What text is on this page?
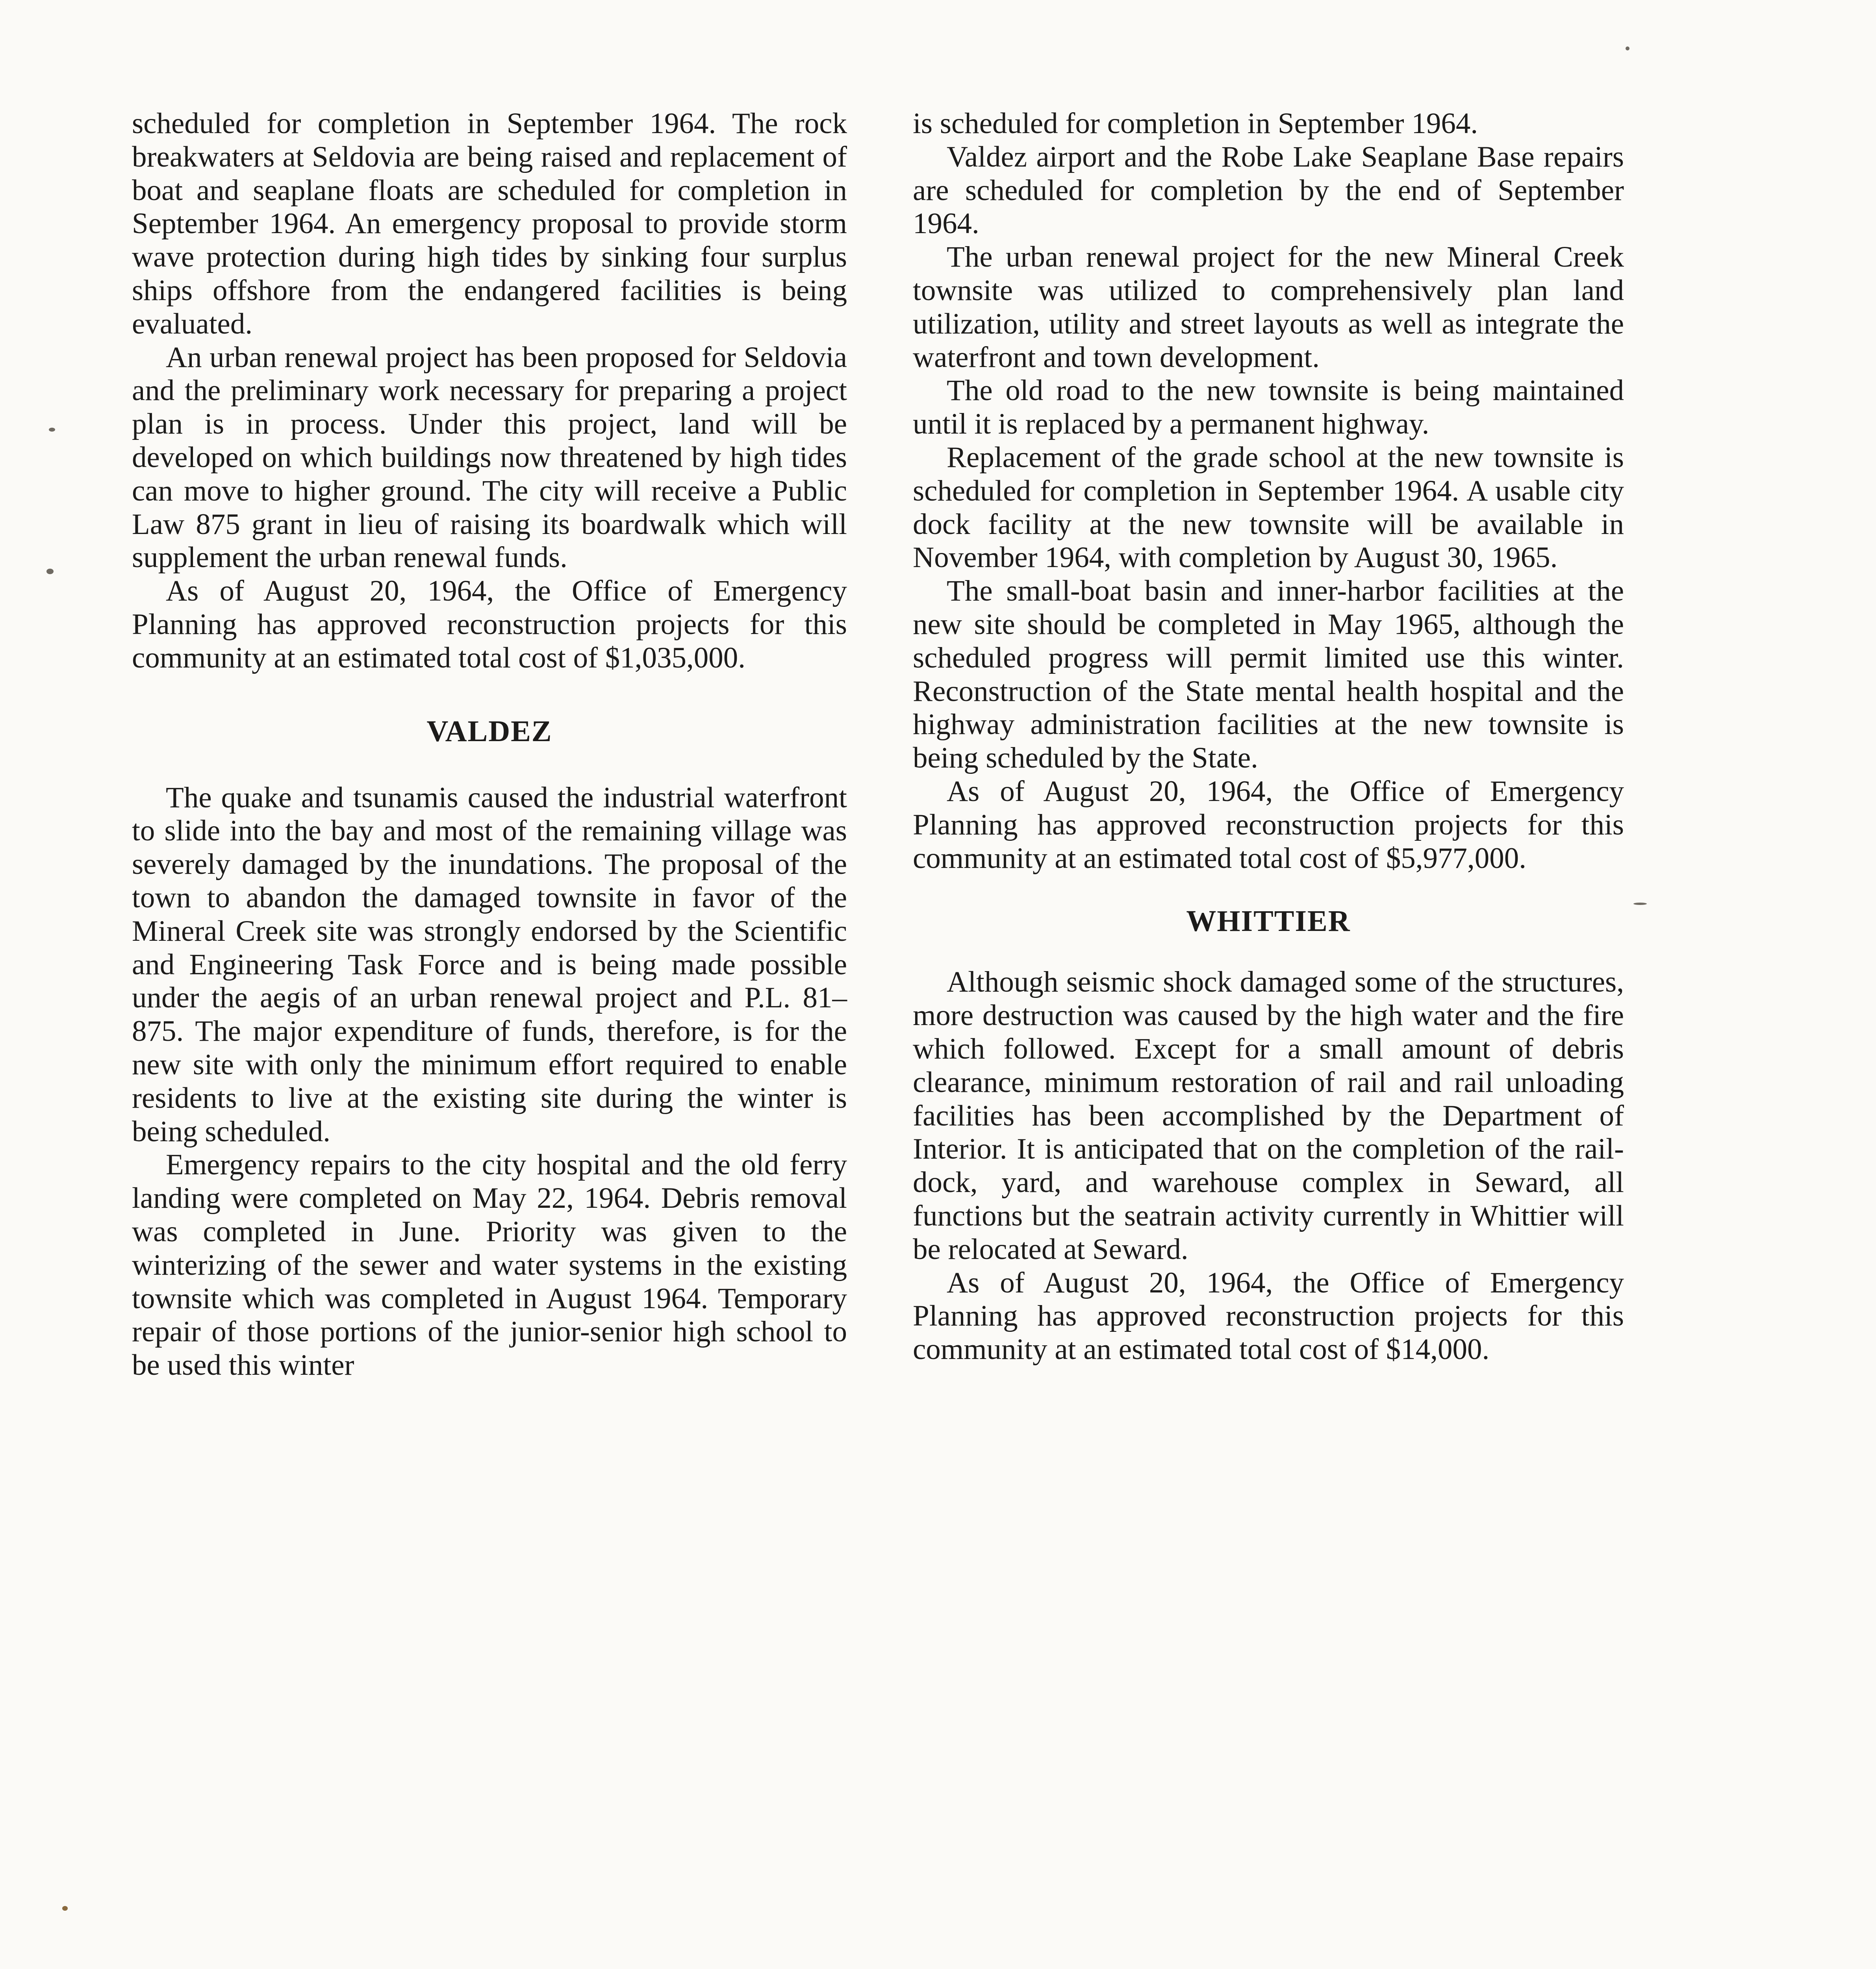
scheduled for completion in September 1964. The rock breakwaters at Seldovia are being raised and replacement of boat and seaplane floats are scheduled for completion in September 1964. An emergency proposal to provide storm wave protection during high tides by sinking four surplus ships offshore from the endangered facilities is being evaluated.

An urban renewal project has been proposed for Seldovia and the preliminary work necessary for preparing a project plan is in process. Under this project, land will be developed on which buildings now threatened by high tides can move to higher ground. The city will receive a Public Law 875 grant in lieu of raising its boardwalk which will supplement the urban renewal funds.

As of August 20, 1964, the Office of Emergency Planning has approved reconstruction projects for this community at an estimated total cost of $1,035,000.

VALDEZ

The quake and tsunamis caused the industrial waterfront to slide into the bay and most of the remaining village was severely damaged by the inundations. The proposal of the town to abandon the damaged townsite in favor of the Mineral Creek site was strongly endorsed by the Scientific and Engineering Task Force and is being made possible under the aegis of an urban renewal project and P.L. 81–875. The major expenditure of funds, therefore, is for the new site with only the minimum effort required to enable residents to live at the existing site during the winter is being scheduled.

Emergency repairs to the city hospital and the old ferry landing were completed on May 22, 1964. Debris removal was completed in June. Priority was given to the winterizing of the sewer and water systems in the existing townsite which was completed in August 1964. Temporary repair of those portions of the junior-senior high school to be used this winter

is scheduled for completion in September 1964.

Valdez airport and the Robe Lake Seaplane Base repairs are scheduled for completion by the end of September 1964.

The urban renewal project for the new Mineral Creek townsite was utilized to comprehensively plan land utilization, utility and street layouts as well as integrate the waterfront and town development.

The old road to the new townsite is being maintained until it is replaced by a permanent highway.

Replacement of the grade school at the new townsite is scheduled for completion in September 1964. A usable city dock facility at the new townsite will be available in November 1964, with completion by August 30, 1965.

The small-boat basin and inner-harbor facilities at the new site should be completed in May 1965, although the scheduled progress will permit limited use this winter. Reconstruction of the State mental health hospital and the highway administration facilities at the new townsite is being scheduled by the State.

As of August 20, 1964, the Office of Emergency Planning has approved reconstruction projects for this community at an estimated total cost of $5,977,000.

WHITTIER

Although seismic shock damaged some of the structures, more destruction was caused by the high water and the fire which followed. Except for a small amount of debris clearance, minimum restoration of rail and rail unloading facilities has been accomplished by the Department of Interior. It is anticipated that on the completion of the rail-dock, yard, and warehouse complex in Seward, all functions but the seatrain activity currently in Whittier will be relocated at Seward.

As of August 20, 1964, the Office of Emergency Planning has approved reconstruction projects for this community at an estimated total cost of $14,000.
